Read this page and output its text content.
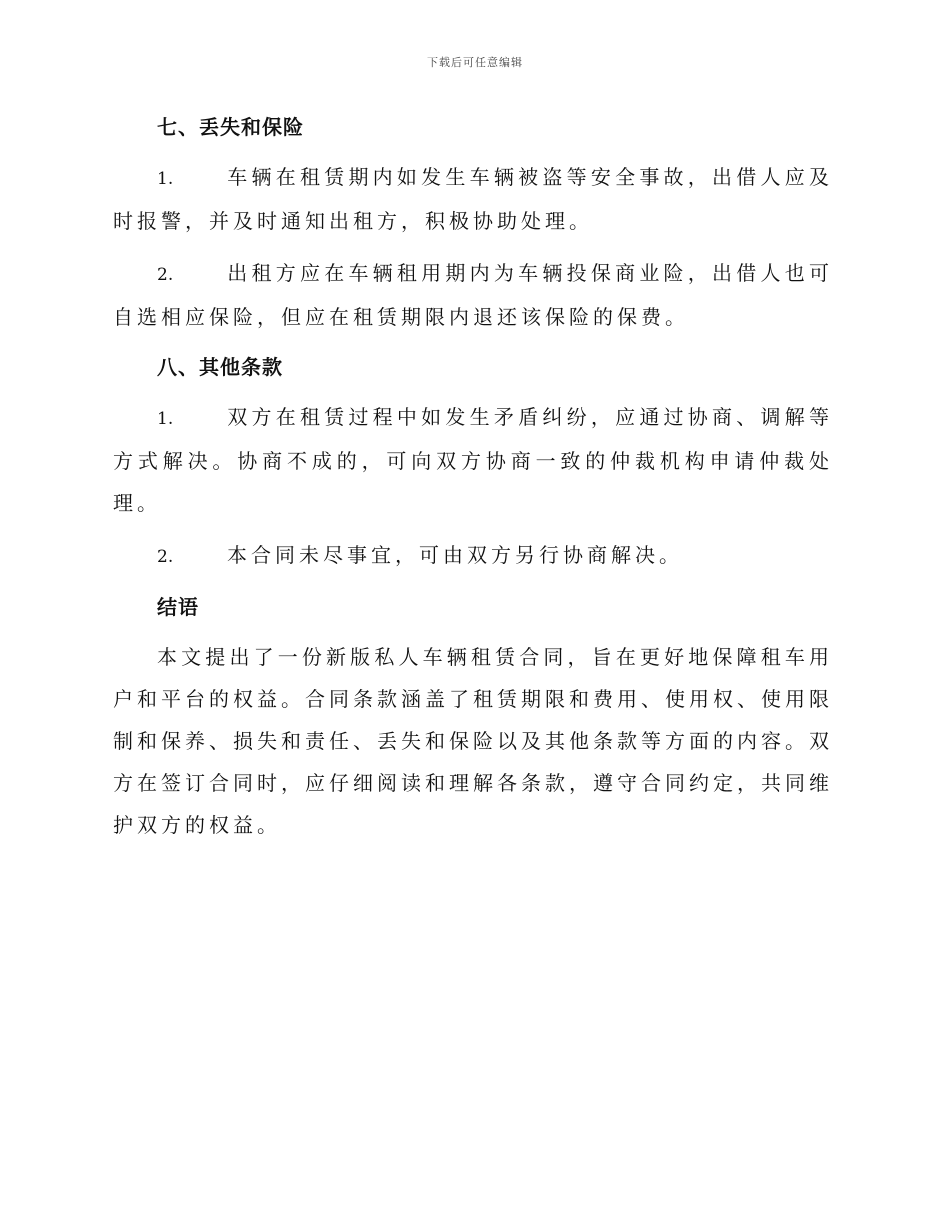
下载后可任意编辑
七、丢失和保险

1.	车辆在租赁期内如发生车辆被盗等安全事故，出借人应及时报警，并及时通知出租方，积极协助处理。

2.	出租方应在车辆租用期内为车辆投保商业险，出借人也可自选相应保险，但应在租赁期限内退还该保险的保费。

八、其他条款

1.	双方在租赁过程中如发生矛盾纠纷，应通过协商、调解等方式解决。协商不成的，可向双方协商一致的仲裁机构申请仲裁处理。

2.	本合同未尽事宜，可由双方另行协商解决。

结语

本文提出了一份新版私人车辆租赁合同，旨在更好地保障租车用户和平台的权益。合同条款涵盖了租赁期限和费用、使用权、使用限制和保养、损失和责任、丢失和保险以及其他条款等方面的内容。双方在签订合同时，应仔细阅读和理解各条款，遵守合同约定，共同维护双方的权益。
